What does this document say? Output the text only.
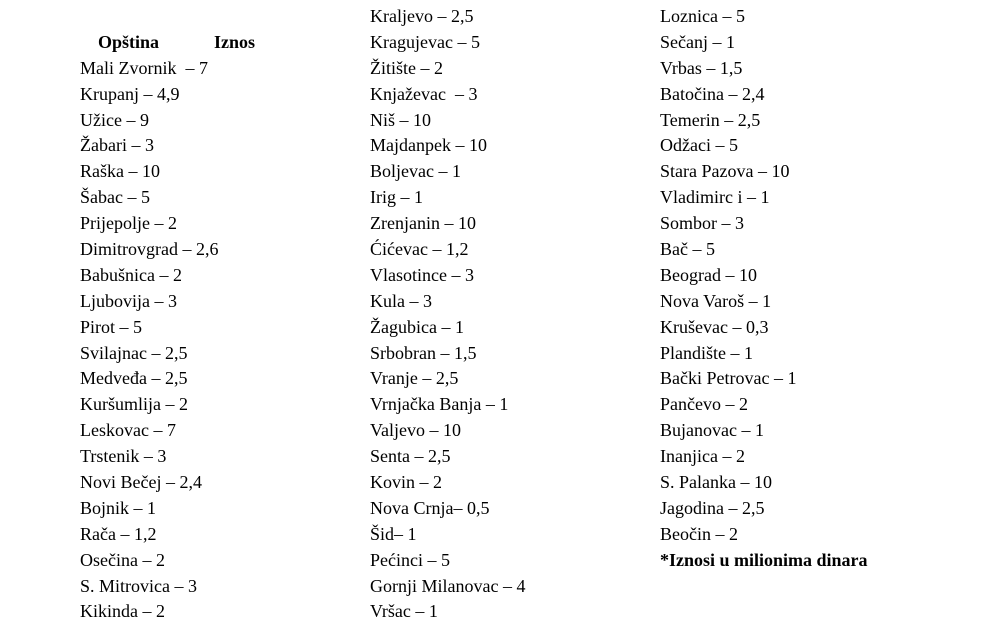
Opština	Iznos

Mali Zvornik  – 7
Krupanj – 4,9
Užice – 9
Žabari – 3
Raška – 10
Šabac – 5
Prijepolje – 2
Dimitrovgrad – 2,6
Babušnica – 2
Ljubovija – 3
Pirot – 5
Svilajnac – 2,5
Medveđa – 2,5
Kuršumlija – 2
Leskovac – 7
Trstenik – 3
Novi Bečej – 2,4
Bojnik – 1
Rača – 1,2
Osečina – 2
S. Mitrovica – 3
Kikinda – 2
Kraljevo – 2,5
Kragujevac – 5
Žitište – 2
Knjaževac  – 3
Niš – 10
Majdanpek – 10
Boljevac – 1
Irig – 1
Zrenjanin – 10
Ćićevac – 1,2
Vlasotince – 3
Kula – 3
Žagubica – 1
Srbobran – 1,5
Vranje – 2,5
Vrnjačka Banja – 1
Valjevo – 10
Senta – 2,5
Kovin – 2
Nova Crnja– 0,5
Šid– 1
Pećinci – 5
Gornji Milanovac – 4
Vršac – 1
Loznica – 5
Sečanj – 1
Vrbas – 1,5
Batočina – 2,4
Temerin – 2,5
Odžaci – 5
Stara Pazova – 10
Vladimirc i – 1
Sombor – 3
Bač – 5
Beograd – 10
Nova Varoš – 1
Kruševac – 0,3
Plandište – 1
Bački Petrovac – 1
Pančevo – 2
Bujanovac – 1
Inanjica – 2
S. Palanka – 10
Jagodina – 2,5
Beočin – 2
*Iznosi u milionima dinara
